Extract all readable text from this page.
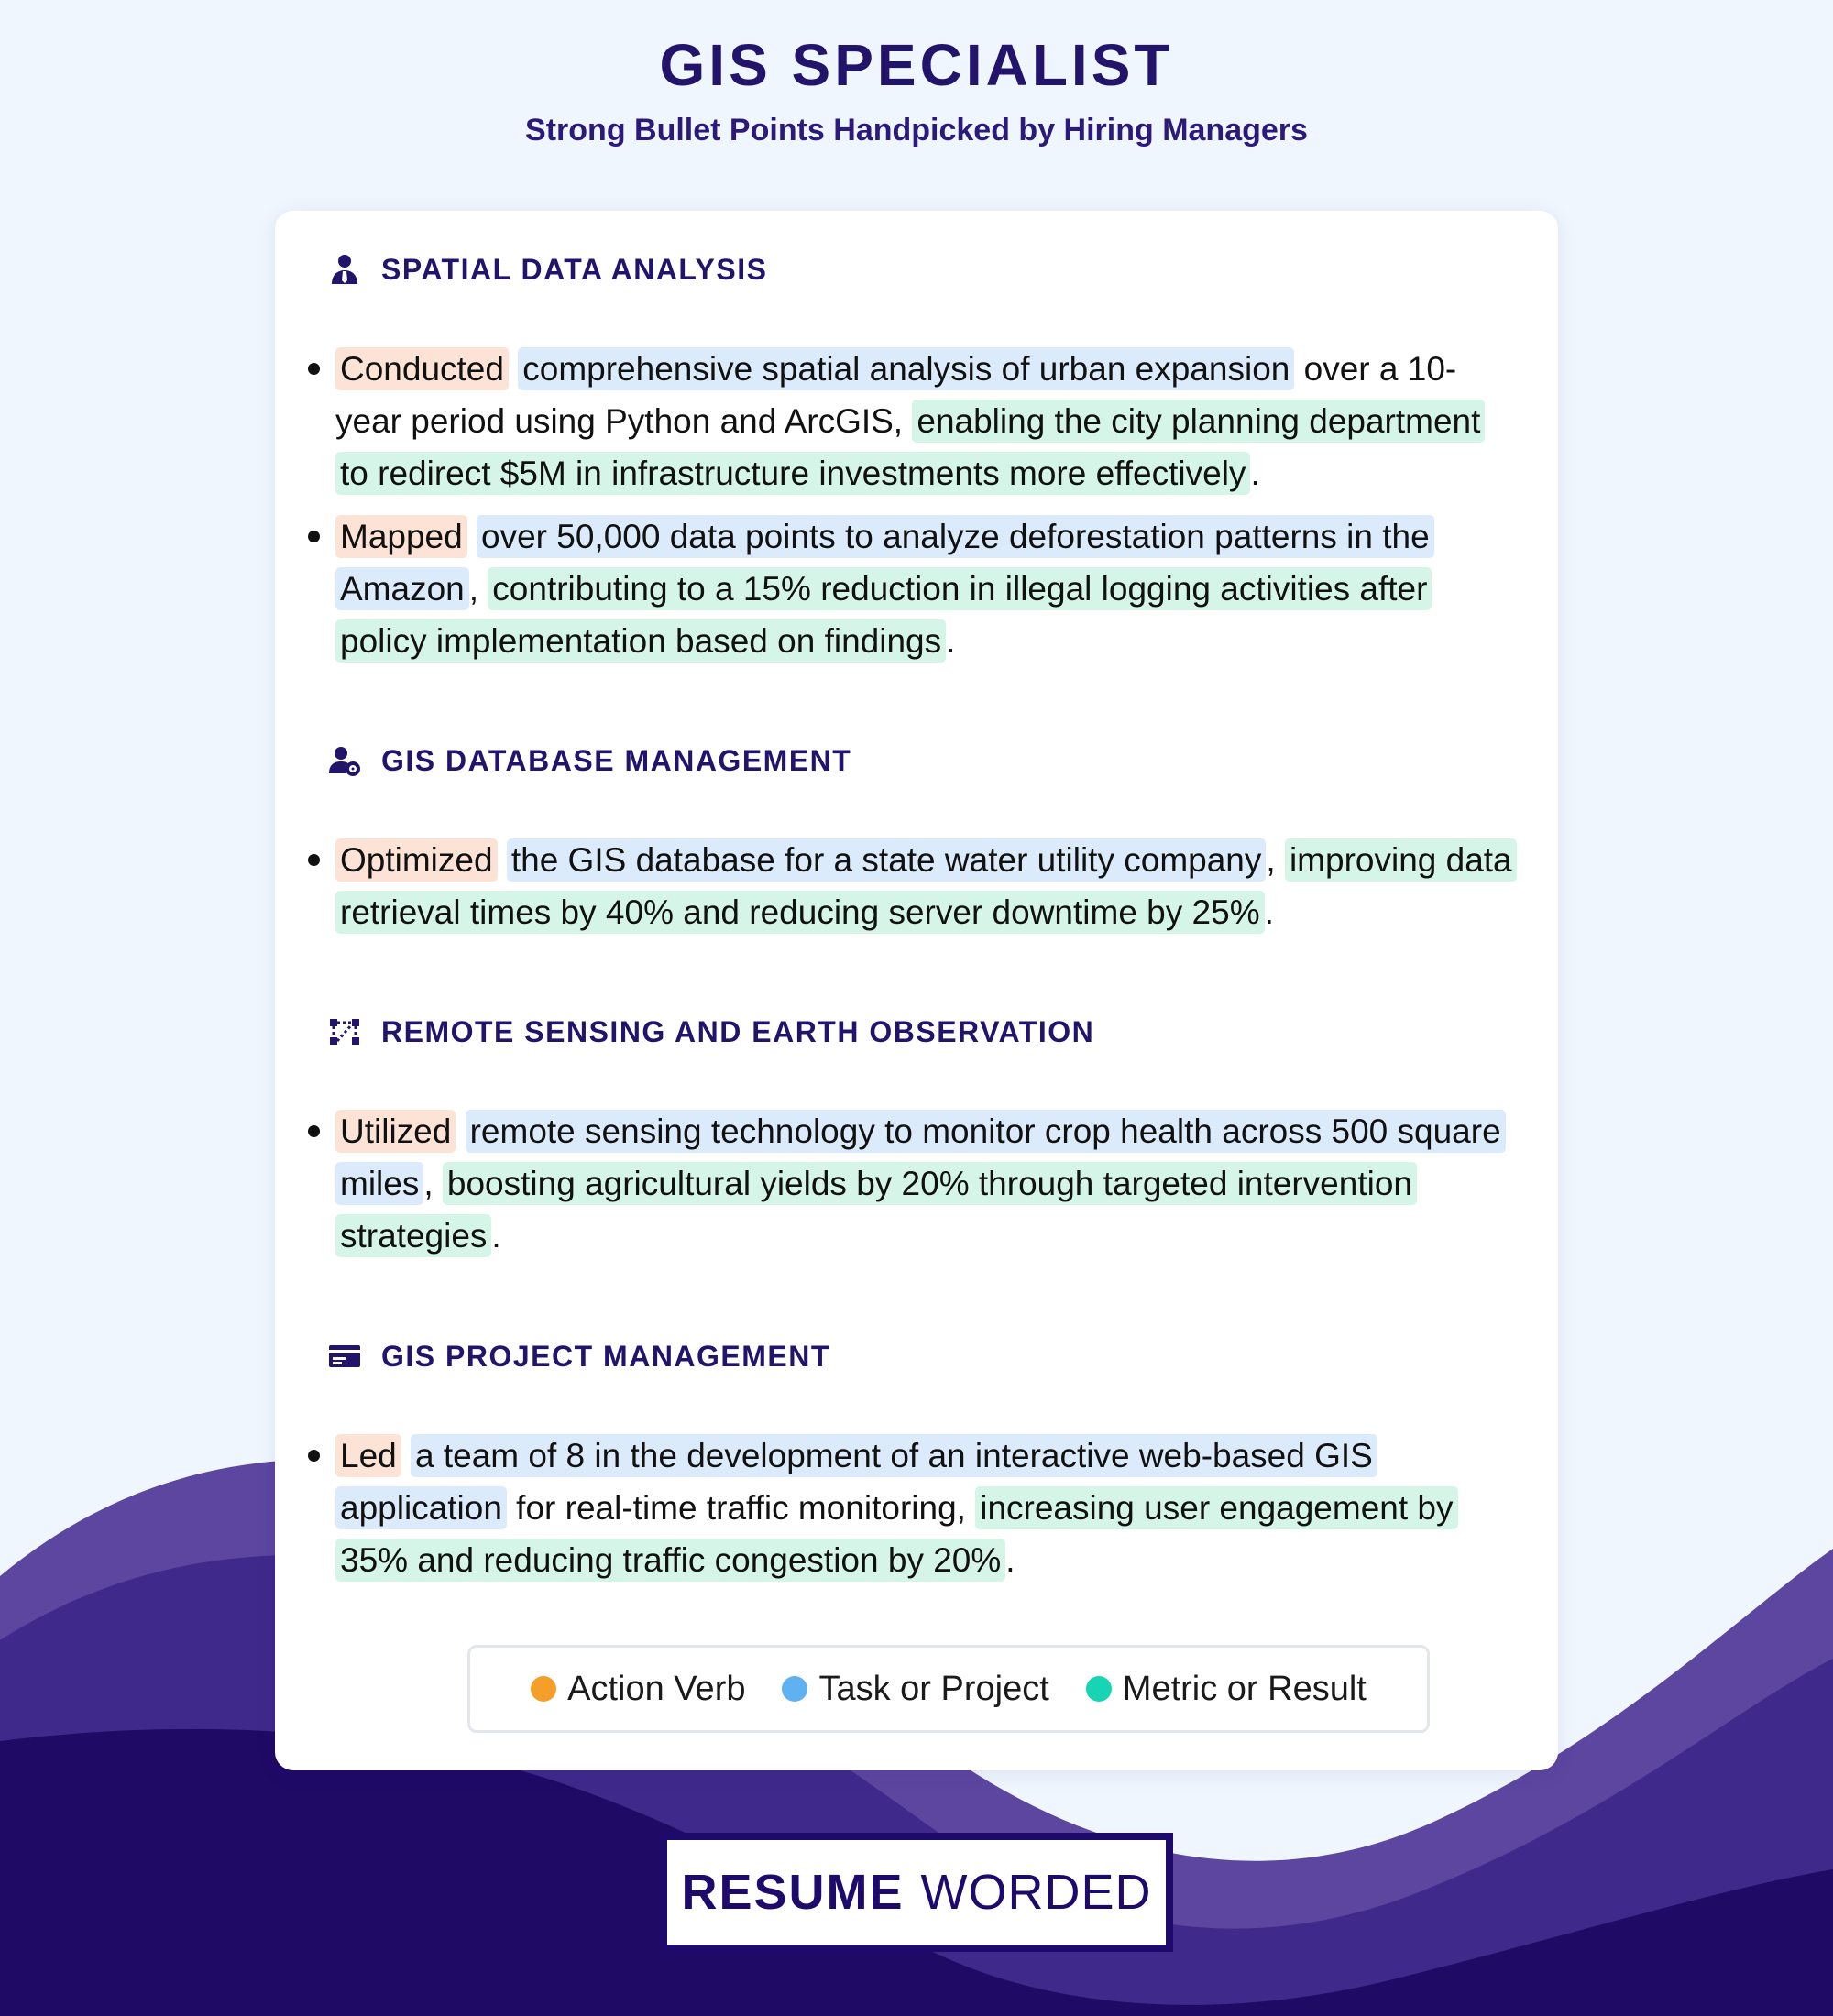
GIS SPECIALIST
Strong Bullet Points Handpicked by Hiring Managers
SPATIAL DATA ANALYSIS
Conducted comprehensive spatial analysis of urban expansion over a 10-year period using Python and ArcGIS, enabling the city planning department to redirect $5M in infrastructure investments more effectively .
Mapped over 50,000 data points to analyze deforestation patterns in the Amazon , contributing to a 15% reduction in illegal logging activities after policy implementation based on findings .
GIS DATABASE MANAGEMENT
Optimized the GIS database for a state water utility company , improving data retrieval times by 40% and reducing server downtime by 25% .
REMOTE SENSING AND EARTH OBSERVATION
Utilized remote sensing technology to monitor crop health across 500 square miles , boosting agricultural yields by 20% through targeted intervention strategies .
GIS PROJECT MANAGEMENT
Led a team of 8 in the development of an interactive web-based GIS application for real-time traffic monitoring, increasing user engagement by 35% and reducing traffic congestion by 20% .
Action Verb Task or Project Metric or Result
RESUME WORDED
